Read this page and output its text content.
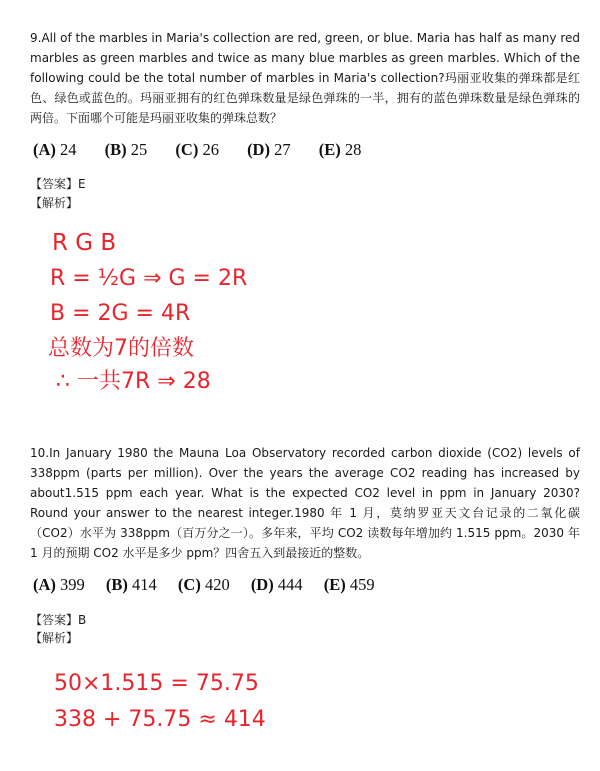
9.All of the marbles in Maria's collection are red, green, or blue. Maria has half as many red marbles as green marbles and twice as many blue marbles as green marbles. Which of the following could be the total number of marbles in Maria's collection?玛丽亚收集的弹珠都是红色、绿色或蓝色的。玛丽亚拥有的红色弹珠数量是绿色弹珠的一半，拥有的蓝色弹珠数量是绿色弹珠的两倍。下面哪个可能是玛丽亚收集的弹珠总数？
(A) 24 (B) 25 (C) 26 (D) 27 (E) 28
【答案】E
【解析】
R G B
R = ½G ⇒ G = 2R
B = 2G = 4R
总数为7的倍数
∴ 一共7R ⇒ 28
50×1.515 = 75.75
338 + 75.75 ≈ 414
10.In January 1980 the Mauna Loa Observatory recorded carbon dioxide (CO2) levels of 338ppm (parts per million). Over the years the average CO2 reading has increased by about1.515 ppm each year. What is the expected CO2 level in ppm in January 2030? Round your answer to the nearest integer.1980 年 1 月，莫纳罗亚天文台记录的二氧化碳（CO2）水平为 338ppm（百万分之一）。多年来，平均 CO2 读数每年增加约 1.515 ppm。2030 年 1 月的预期 CO2 水平是多少 ppm？四舍五入到最接近的整数。
(A) 399 (B) 414 (C) 420 (D) 444 (E) 459
【答案】B
【解析】
